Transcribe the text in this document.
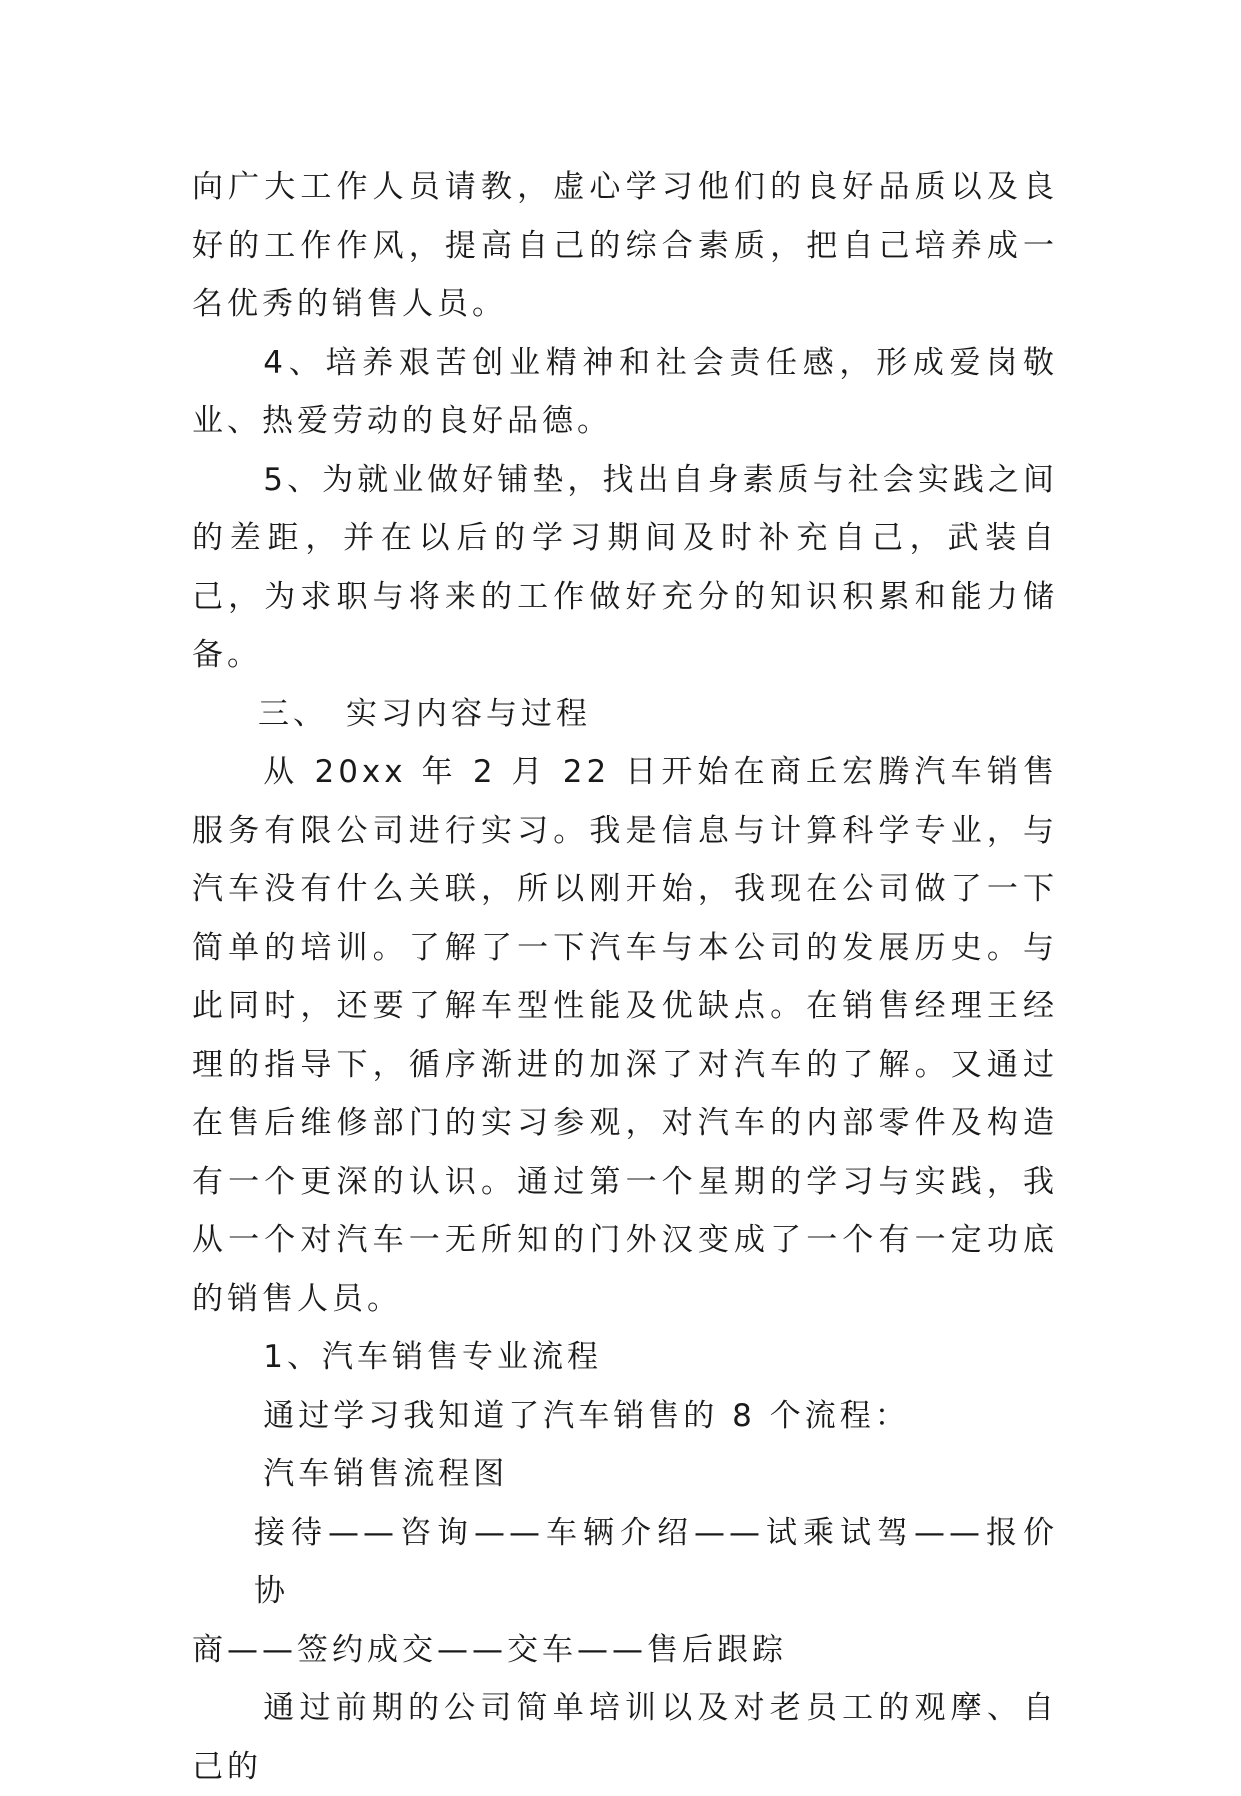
向广大工作人员请教，虚心学习他们的良好品质以及良好的工作作风，提高自己的综合素质，把自己培养成一名优秀的销售人员。

4、培养艰苦创业精神和社会责任感，形成爱岗敬业、热爱劳动的良好品德。

5、为就业做好铺垫，找出自身素质与社会实践之间的差距，并在以后的学习期间及时补充自己，武装自己，为求职与将来的工作做好充分的知识积累和能力储备。

三、 实习内容与过程

从 20xx 年 2 月 22 日开始在商丘宏腾汽车销售服务有限公司进行实习。我是信息与计算科学专业，与汽车没有什么关联，所以刚开始，我现在公司做了一下简单的培训。了解了一下汽车与本公司的发展历史。与此同时，还要了解车型性能及优缺点。在销售经理王经理的指导下，循序渐进的加深了对汽车的了解。又通过在售后维修部门的实习参观，对汽车的内部零件及构造有一个更深的认识。通过第一个星期的学习与实践，我从一个对汽车一无所知的门外汉变成了一个有一定功底的销售人员。

1、汽车销售专业流程

通过学习我知道了汽车销售的 8 个流程：

汽车销售流程图

接待——咨询——车辆介绍——试乘试驾——报价协
商——签约成交——交车——售后跟踪

通过前期的公司简单培训以及对老员工的观摩、自己的
